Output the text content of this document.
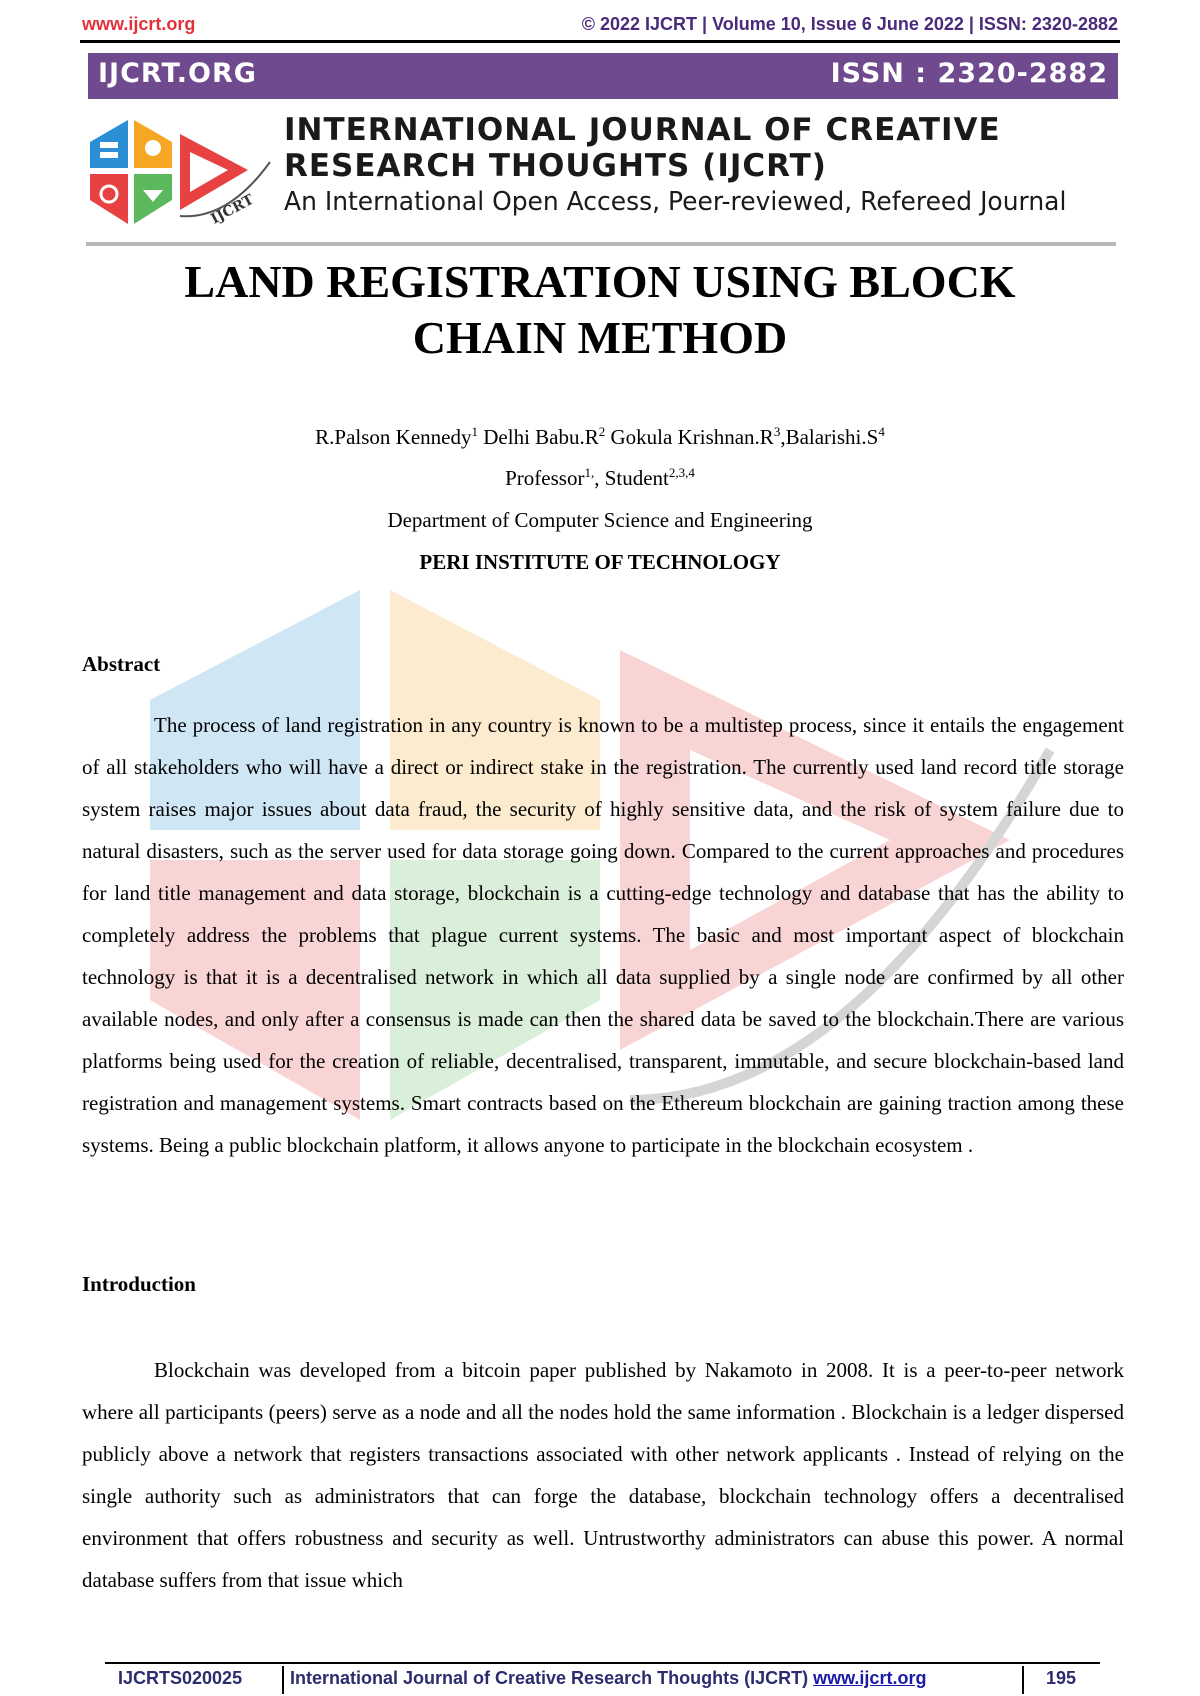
www.ijcrt.org	© 2022 IJCRT | Volume 10, Issue 6 June 2022 | ISSN: 2320-2882
IJCRT.ORG	ISSN : 2320-2882
IJCRT
INTERNATIONAL JOURNAL OF CREATIVE
RESEARCH THOUGHTS (IJCRT)
An International Open Access, Peer-reviewed, Refereed Journal
LAND REGISTRATION USING BLOCK
CHAIN METHOD
R.Palson Kennedy$^1$ Delhi $Babu.R^2$ Gokula $Krishnan.R^3,Balarishi.S^4$
Professor$^{1,}$, Student$^{2,3,4}$
Department of Computer Science and Engineering
PERI INSTITUTE OF TECHNOLOGY
Abstract
The process of land registration in any country is known to be a multistep process, since it entails the engagement of all stakeholders who will have a direct or indirect stake in the registration. The currently used land record title storage system raises major issues about data fraud, the security of highly sensitive data, and the risk of system failure due to natural disasters, such as the server used for data storage going down. Compared to the current approaches and procedures for land title management and data storage, blockchain is a cutting-edge technology and database that has the ability to completely address the problems that plague current systems. The basic and most important aspect of blockchain technology is that it is a decentralised network in which all data supplied by a single node are confirmed by all other available nodes, and only after a consensus is made can then the shared data be saved to the blockchain.There are various platforms being used for the creation of reliable, decentralised, transparent, immutable, and secure blockchain-based land registration and management systems. Smart contracts based on the Ethereum blockchain are gaining traction among these systems. Being a public blockchain platform, it allows anyone to participate in the blockchain ecosystem .
Introduction
Blockchain was developed from a bitcoin paper published by Nakamoto in 2008. It is a peer-to-peer network where all participants (peers) serve as a node and all the nodes hold the same information . Blockchain is a ledger dispersed publicly above a network that registers transactions associated with other network applicants . Instead of relying on the single authority such as administrators that can forge the database, blockchain technology offers a decentralised environment that offers robustness and security as well. Untrustworthy administrators can abuse this power. A normal database suffers from that issue which
IJCRTS020025	International Journal of Creative Research Thoughts (IJCRT) www.ijcrt.org	195
